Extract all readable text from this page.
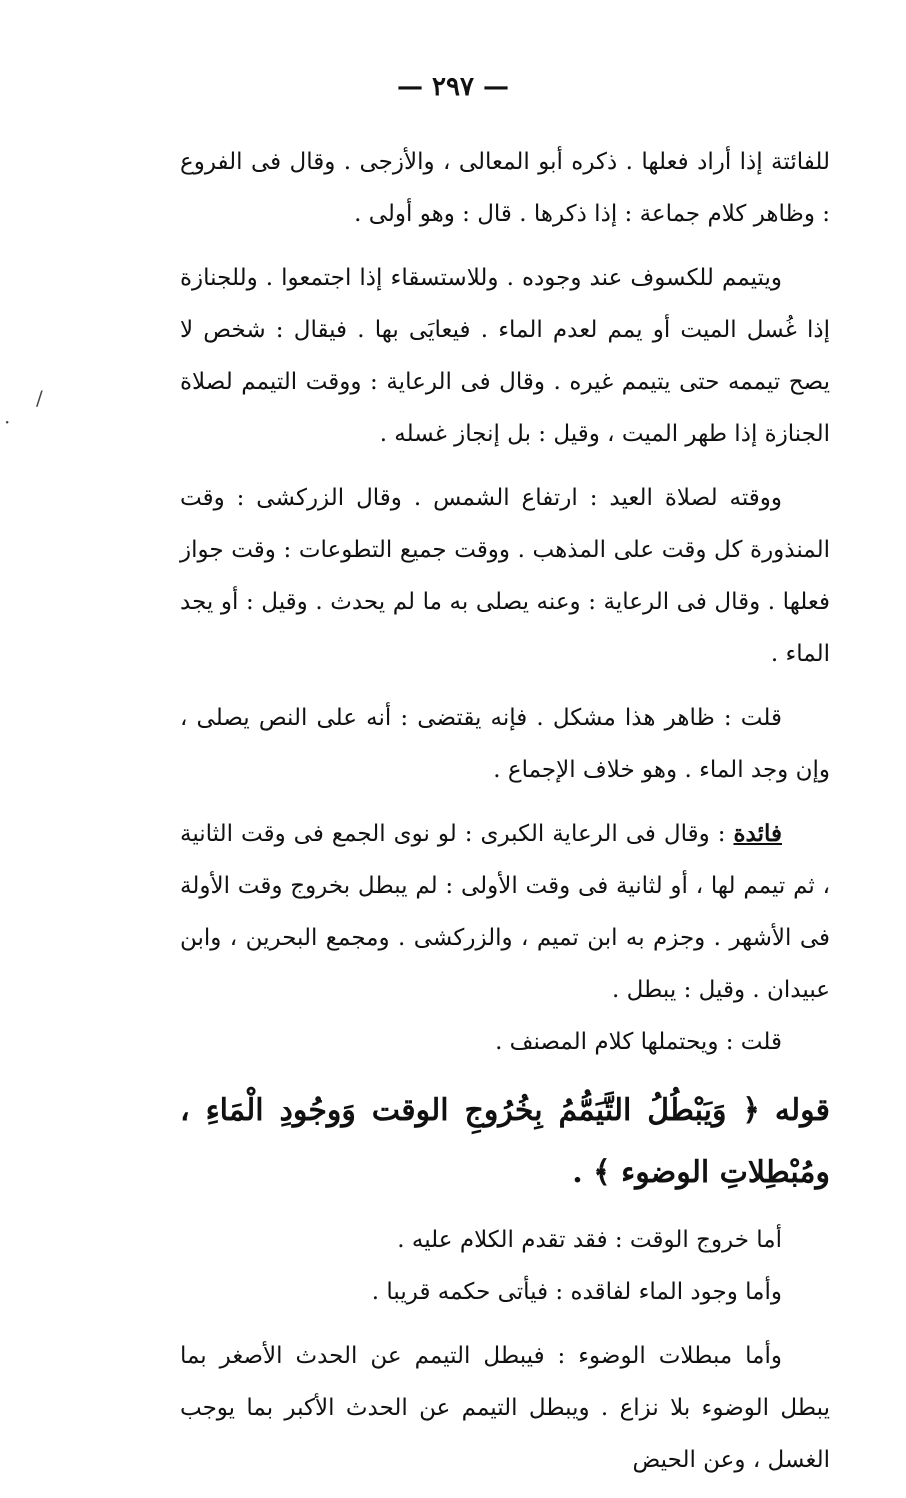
— ٢٩٧ —
/
·

للفائتة إذا أراد فعلها . ذكره أبو المعالى ، والأزجى . وقال فى الفروع : وظاهر كلام جماعة : إذا ذكرها . قال : وهو أولى .

ويتيمم للكسوف عند وجوده . وللاستسقاء إذا اجتمعوا . وللجنازة إذا غُسل الميت أو يمم لعدم الماء . فيعايَى بها . فيقال : شخص لا يصح تيممه حتى يتيمم غيره . وقال فى الرعاية : ووقت التيمم لصلاة الجنازة إذا طهر الميت ، وقيل : بل إنجاز غسله .

ووقته لصلاة العيد : ارتفاع الشمس . وقال الزركشى : وقت المنذورة كل وقت على المذهب . ووقت جميع التطوعات : وقت جواز فعلها . وقال فى الرعاية : وعنه يصلى به ما لم يحدث . وقيل : أو يجد الماء .

قلت : ظاهر هذا مشكل . فإنه يقتضى : أنه على النص يصلى ، وإن وجد الماء . وهو خلاف الإجماع .

فائدة : وقال فى الرعاية الكبرى : لو نوى الجمع فى وقت الثانية ، ثم تيمم لها ، أو لثانية فى وقت الأولى : لم يبطل بخروج وقت الأولة فى الأشهر . وجزم به ابن تميم ، والزركشى . ومجمع البحرين ، وابن عبيدان . وقيل : يبطل .

قلت : ويحتملها كلام المصنف .

قوله ﴿ وَيَبْطُلُ التَّيَمُّمُ بِخُرُوجِ الوقت وَوجُودِ الْمَاءِ ، ومُبْطِلاتِ الوضوء ﴾ .

أما خروج الوقت : فقد تقدم الكلام عليه .

وأما وجود الماء لفاقده : فيأتى حكمه قريبا .

وأما مبطلات الوضوء : فيبطل التيمم عن الحدث الأصغر بما يبطل الوضوء بلا نزاع . ويبطل التيمم عن الحدث الأكبر بما يوجب الغسل ، وعن الحيض
